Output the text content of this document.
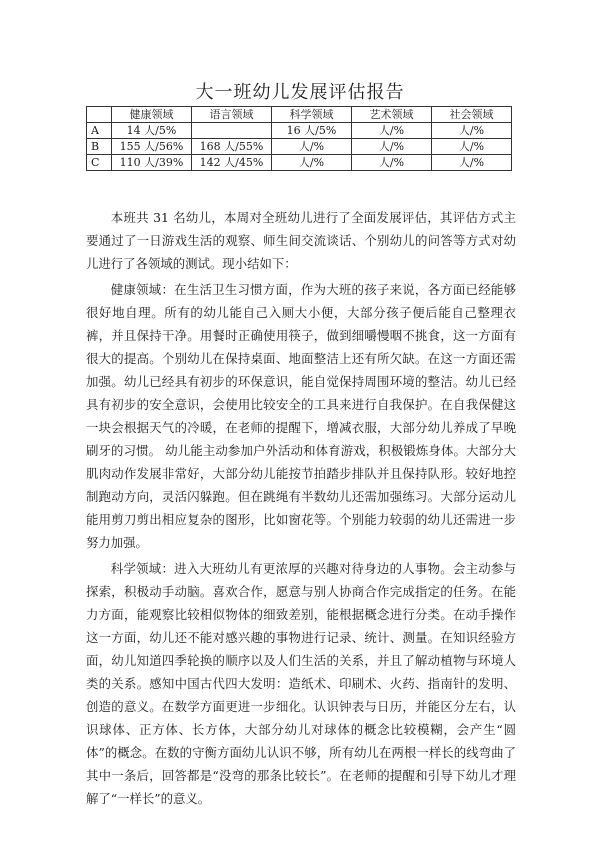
大一班幼儿发展评估报告
	健康领域	语言领域	科学领域	艺术领域	社会领域
A	14 人/5%		16 人/5%	人/%	人/%
B	155 人/56%	168 人/55%	人/%	人/%	人/%
C	110 人/39%	142 人/45%	人/%	人/%	人/%

本班共 31 名幼儿，本周对全班幼儿进行了全面发展评估，其评估方式主要通过了一日游戏生活的观察、师生间交流谈话、个别幼儿的问答等方式对幼儿进行了各领域的测试。现小结如下：

健康领域：在生活卫生习惯方面，作为大班的孩子来说，各方面已经能够很好地自理。所有的幼儿能自己入厕大小便，大部分孩子便后能自己整理衣裤，并且保持干净。用餐时正确使用筷子，做到细嚼慢咽不挑食，这一方面有很大的提高。个别幼儿在保持桌面、地面整洁上还有所欠缺。在这一方面还需加强。幼儿已经具有初步的环保意识，能自觉保持周围环境的整洁。幼儿已经具有初步的安全意识，会使用比较安全的工具来进行自我保护。在自我保健这一块会根据天气的冷暖，在老师的提醒下，增减衣服，大部分幼儿养成了早晚刷牙的习惯。 幼儿能主动参加户外活动和体育游戏，积极锻炼身体。大部分大肌肉动作发展非常好，大部分幼儿能按节拍踏步排队并且保持队形。较好地控制跑动方向，灵活闪躲跑。但在跳绳有半数幼儿还需加强练习。大部分运动儿能用剪刀剪出相应复杂的图形，比如窗花等。个别能力较弱的幼儿还需进一步努力加强。

科学领域：进入大班幼儿有更浓厚的兴趣对待身边的人事物。会主动参与探索，积极动手动脑。喜欢合作，愿意与别人协商合作完成指定的任务。在能力方面，能观察比较相似物体的细致差别，能根据概念进行分类。在动手操作这一方面，幼儿还不能对感兴趣的事物进行记录、统计、测量。在知识经验方面，幼儿知道四季轮换的顺序以及人们生活的关系，并且了解动植物与环境人类的关系。感知中国古代四大发明：造纸术、印刷术、火药、指南针的发明、创造的意义。在数学方面更进一步细化。认识钟表与日历，并能区分左右，认识球体、正方体、长方体，大部分幼儿对球体的概念比较模糊，会产生“圆体”的概念。在数的守衡方面幼儿认识不够，所有幼儿在两根一样长的线弯曲了其中一条后，回答都是“没弯的那条比较长”。在老师的提醒和引导下幼儿才理解了“一样长”的意义。
